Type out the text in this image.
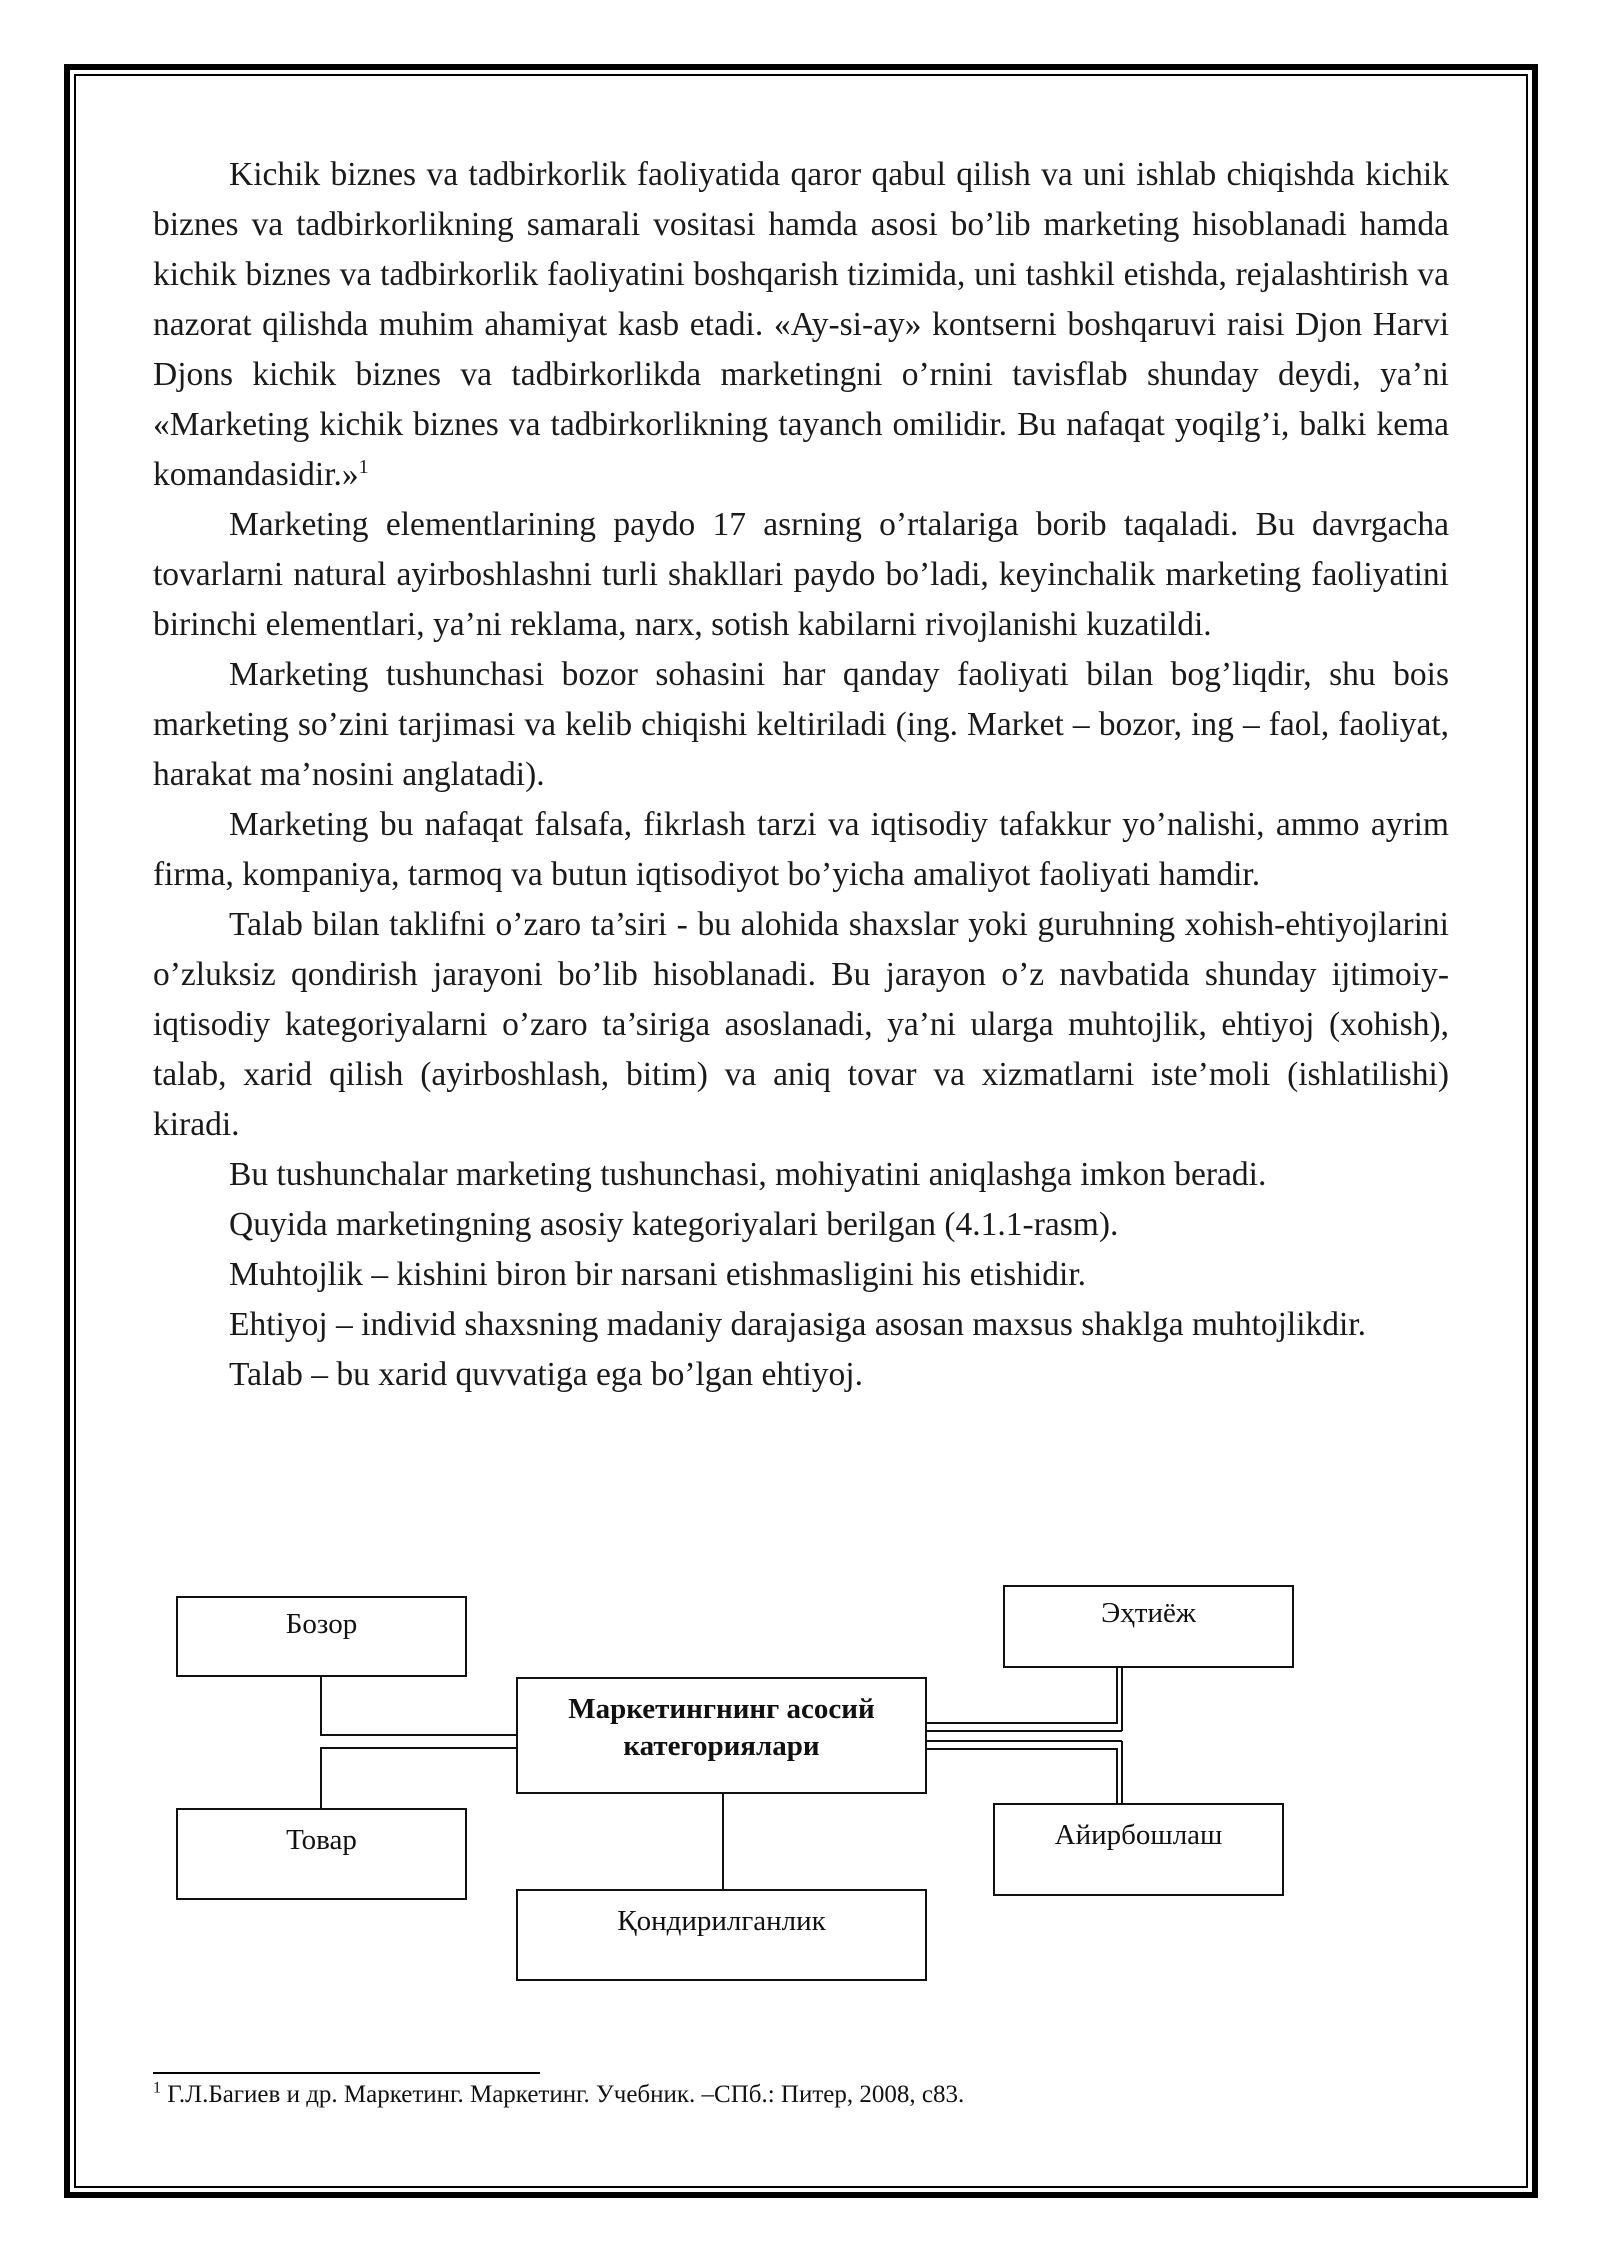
Kichik biznes va tadbirkorlik faoliyatida qaror qabul qilish va uni ishlab chiqishda kichik biznes va tadbirkorlikning samarali vositasi hamda asosi bo’lib marketing hisoblanadi hamda kichik biznes va tadbirkorlik faoliyatini boshqarish tizimida, uni tashkil etishda, rejalashtirish va nazorat qilishda muhim ahamiyat kasb etadi. «Ay-si-ay» kontserni boshqaruvi raisi Djon Harvi Djons kichik biznes va tadbirkorlikda marketingni o’rnini tavisflab shunday deydi, ya’ni «Marketing kichik biznes va tadbirkorlikning tayanch omilidir. Bu nafaqat yoqilg’i, balki kema komandasidir.»$^1$

Marketing elementlarining paydo 17 asrning o’rtalariga borib taqaladi. Bu davrgacha tovarlarni natural ayirboshlashni turli shakllari paydo bo’ladi, keyinchalik marketing faoliyatini birinchi elementlari, ya’ni reklama, narx, sotish kabilarni rivojlanishi kuzatildi.

Marketing tushunchasi bozor sohasini har qanday faoliyati bilan bog’liqdir, shu bois marketing so’zini tarjimasi va kelib chiqishi keltiriladi (ing. Market – bozor, ing – faol, faoliyat, harakat ma’nosini anglatadi).

Marketing bu nafaqat falsafa, fikrlash tarzi va iqtisodiy tafakkur yo’nalishi, ammo ayrim firma, kompaniya, tarmoq va butun iqtisodiyot bo’yicha amaliyot faoliyati hamdir.

Talab bilan taklifni o’zaro ta’siri - bu alohida shaxslar yoki guruhning xohish-ehtiyojlarini o’zluksiz qondirish jarayoni bo’lib hisoblanadi. Bu jarayon o’z navbatida shunday ijtimoiy-iqtisodiy kategoriyalarni o’zaro ta’siriga asoslanadi, ya’ni ularga muhtojlik, ehtiyoj (xohish), talab, xarid qilish (ayirboshlash, bitim) va aniq tovar va xizmatlarni iste’moli (ishlatilishi) kiradi.

Bu tushunchalar marketing tushunchasi, mohiyatini aniqlashga imkon beradi.

Quyida marketingning asosiy kategoriyalari berilgan (4.1.1-rasm).

Muhtojlik – kishini biron bir narsani etishmasligini his etishidir.

Ehtiyoj – individ shaxsning madaniy darajasiga asosan maxsus shaklga muhtojlikdir.

Talab – bu xarid quvvatiga ega bo’lgan ehtiyoj.

Маркетингнинг асосий
категориялари
Бозор
Товар
Эҳтиёж
Айирбошлаш
Қондирилганлик
$^1$ Г.Л.Багиев и др. Маркетинг. Маркетинг. Учебник. –СПб.: Питер, 2008, с83.
